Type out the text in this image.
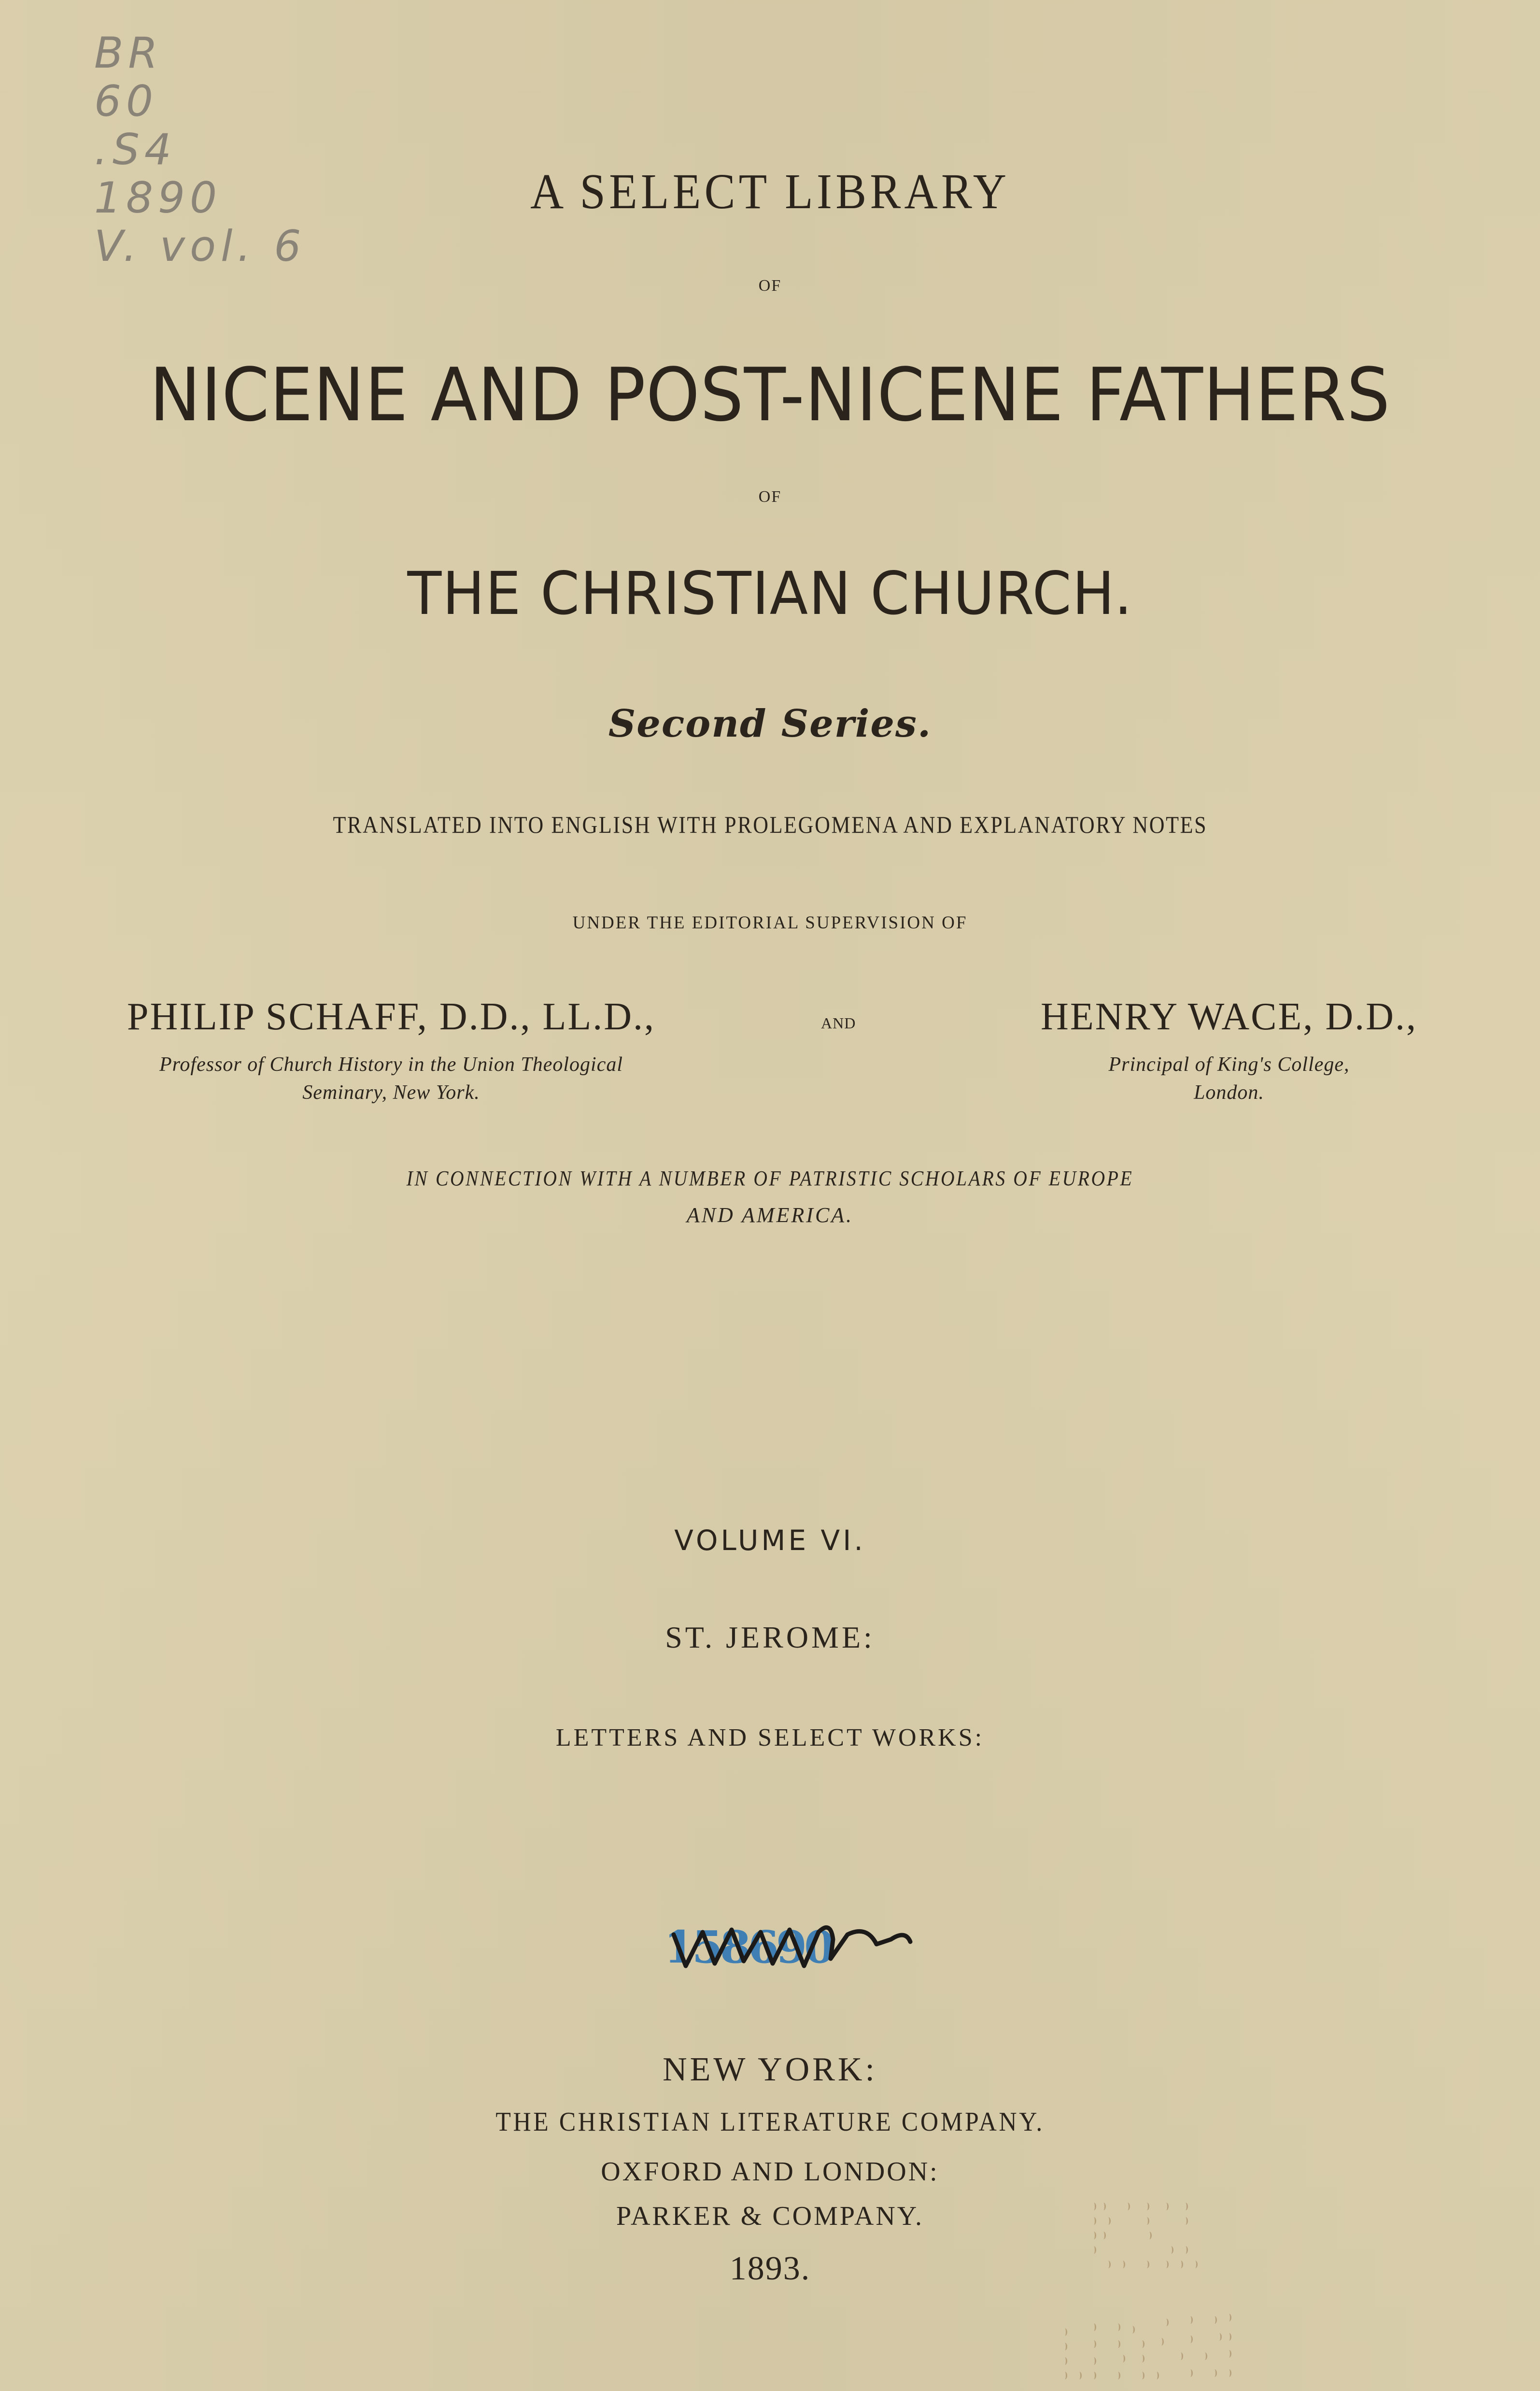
BR
60
.S4
1890
V. vol. 6
A SELECT LIBRARY
OF
NICENE AND POST-NICENE FATHERS
OF
THE CHRISTIAN CHURCH.
Second Series.
TRANSLATED INTO ENGLISH WITH PROLEGOMENA AND EXPLANATORY NOTES
UNDER THE EDITORIAL SUPERVISION OF
PHILIP SCHAFF, D.D., LL.D.,
Professor of Church History in the Union Theological
Seminary, New York.
AND	HENRY WACE, D.D.,
Principal of King's College,
London.
IN CONNECTION WITH A NUMBER OF PATRISTIC SCHOLARS OF EUROPE
AND AMERICA.
VOLUME VI.
ST. JEROME:
LETTERS AND SELECT WORKS:
158690
NEW YORK:
THE CHRISTIAN LITERATURE COMPANY.
OXFORD AND LONDON:
PARKER & COMPANY.
1893.
